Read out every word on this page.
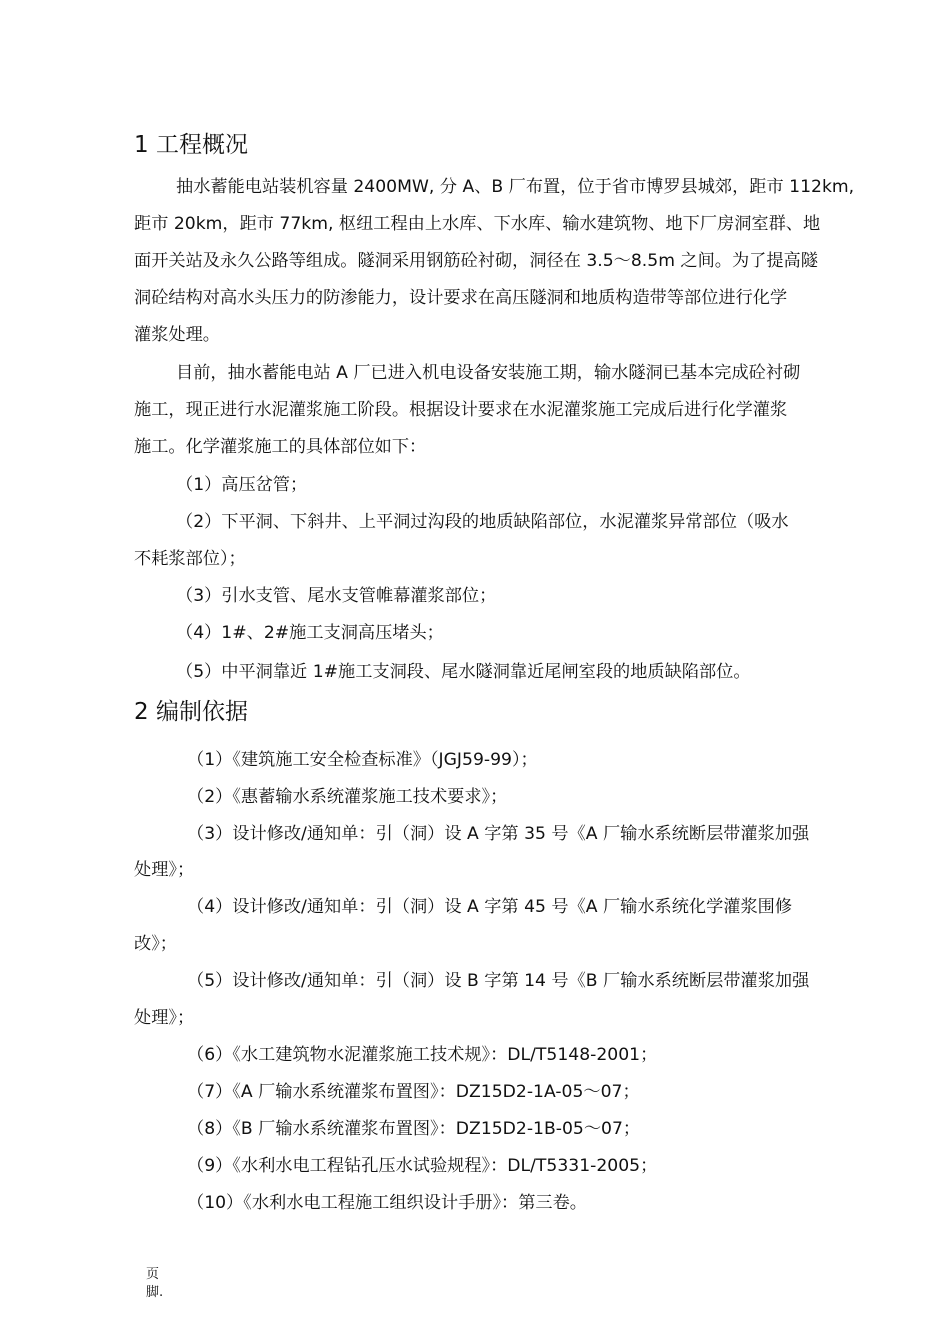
1 工程概况

抽水蓄能电站装机容量 2400MW, 分 A、B 厂布置，位于省市博罗县城郊，距市 112km,

距市 20km，距市 77km, 枢纽工程由上水库、下水库、输水建筑物、地下厂房洞室群、地

面开关站及永久公路等组成。隧洞采用钢筋砼衬砌，洞径在 3.5～8.5m 之间。为了提高隧

洞砼结构对高水头压力的防渗能力，设计要求在高压隧洞和地质构造带等部位进行化学

灌浆处理。

目前，抽水蓄能电站 A 厂已进入机电设备安装施工期，输水隧洞已基本完成砼衬砌

施工，现正进行水泥灌浆施工阶段。根据设计要求在水泥灌浆施工完成后进行化学灌浆

施工。化学灌浆施工的具体部位如下：

（1）高压岔管；

（2）下平洞、下斜井、上平洞过沟段的地质缺陷部位，水泥灌浆异常部位（吸水

不耗浆部位）；

（3）引水支管、尾水支管帷幕灌浆部位；

（4）1#、2#施工支洞高压堵头；

（5）中平洞靠近 1#施工支洞段、尾水隧洞靠近尾闸室段的地质缺陷部位。

2 编制依据

（1）《建筑施工安全检查标准》（JGJ59-99）；

（2）《惠蓄输水系统灌浆施工技术要求》；

（3）设计修改/通知单：引（洞）设 A 字第 35 号《A 厂输水系统断层带灌浆加强

处理》；

（4）设计修改/通知单：引（洞）设 A 字第 45 号《A 厂输水系统化学灌浆围修

改》；

（5）设计修改/通知单：引（洞）设 B 字第 14 号《B 厂输水系统断层带灌浆加强

处理》；

（6）《水工建筑物水泥灌浆施工技术规》：DL/T5148-2001；

（7）《A 厂输水系统灌浆布置图》：DZ15D2-1A-05～07；

（8）《B 厂输水系统灌浆布置图》：DZ15D2-1B-05～07；

（9）《水利水电工程钻孔压水试验规程》：DL/T5331-2005；

（10）《水利水电工程施工组织设计手册》：第三卷。

页
脚.
